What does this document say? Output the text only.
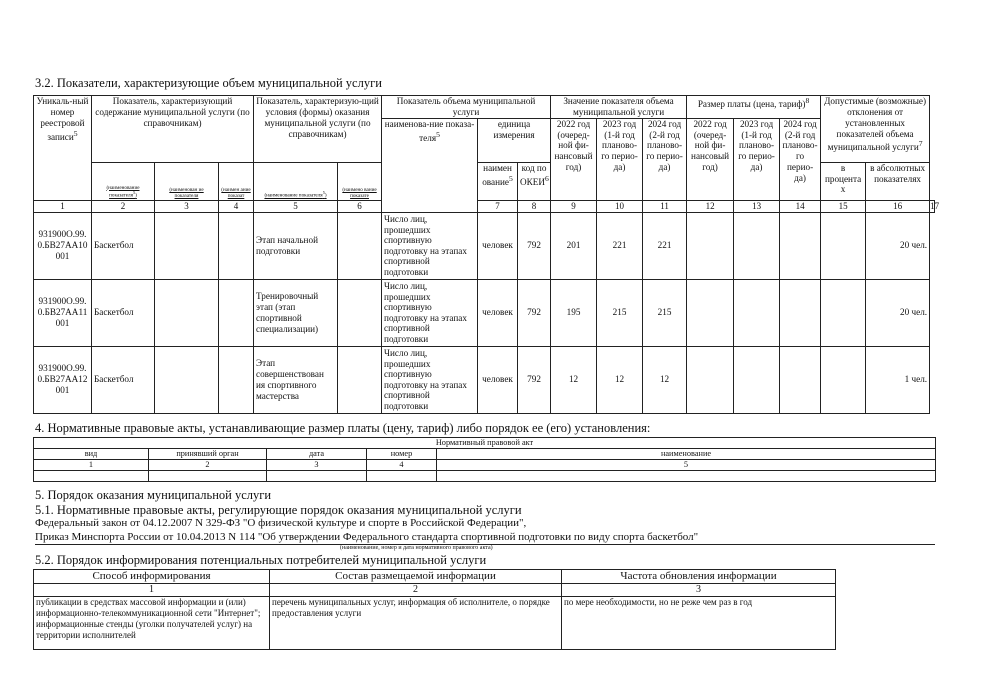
3.2. Показатели, характеризующие объем муниципальной услуги
Уникаль-ный номер реестровой записи$^5$	Показатель, характеризующий содержание муниципальной услуги (по справочникам)			Показатель, характеризую-щий условия (формы) оказания муниципальной услуги (по справочникам)		Показатель объема муниципальной услуги			Значение показателя объема муниципальной услуги			Размер платы (цена, тариф)$^8$			Допустимые (возможные) отклонения от установленных показателей объема муниципальной услуги$^7$
						наименова-ние показа-теля$^5$	единица измерения		2022 год (очеред-ной фи-нансовый год)	2023 год (1-й год планово-го перио-да)	2024 год (2-й год планово-го перио-да)	2022 год (очеред-ной фи-нансовый год)	2023 год (1-й год планово-го перио-да)	2024 год (2-й год планово-го перио-да)			
	(наименование показателя$^5$)	(наименован ие показателя	(наимен ание показат	(наименование показателя$^5$)	(наимено вание показате		наимен ование$^5$	код по ОКЕИ$^6$							в процента х	в абсолютных показателях	
1	2	3	4	5	6		7	8	9	10	11	12	13	14	15	16	17
931900О.99.0.БВ27АА10001	Баскетбол			Этап начальной подготовки		Число лиц, прошедших спортивную подготовку на этапах спортивной подготовки	человек	792	201	221	221					20 чел.	
931900О.99.0.БВ27АА11001	Баскетбол			Тренировочный этап (этап спортивной специализации)		Число лиц, прошедших спортивную подготовку на этапах спортивной подготовки	человек	792	195	215	215					20 чел.	
931900О.99.0.БВ27АА12001	Баскетбол			Этап совершенствован ия спортивного мастерства		Число лиц, прошедших спортивную подготовку на этапах спортивной подготовки	человек	792	12	12	12					1 чел.	
4. Нормативные правовые акты, устанавливающие размер платы (цену, тариф) либо порядок ее (его) установления:
Нормативный правовой акт				
вид	принявший орган	дата	номер	наименование
1	2	3	4	5

5. Порядок оказания муниципальной услуги
5.1. Нормативные правовые акты, регулирующие порядок оказания муниципальной услуги
Федеральный закон от 04.12.2007 N 329-ФЗ "О физической культуре и спорте в Российской Федерации",
Приказ Минспорта России от 10.04.2013 N 114 "Об утверждении Федерального стандарта спортивной подготовки по виду спорта баскетбол"
(наименование, номер и дата нормативного правового акта)
5.2. Порядок информирования потенциальных потребителей муниципальной услуги
Способ информирования	Состав размещаемой информации	Частота обновления информации
1	2	3
публикации в средствах массовой информации и (или) информационно-телекоммуникационной сети "Интернет"; информационные стенды (уголки получателей услуг) на территории исполнителей	перечень муниципальных услуг, информация об исполнителе, о порядке предоставления услуги	по мере необходимости, но не реже чем раз в год
